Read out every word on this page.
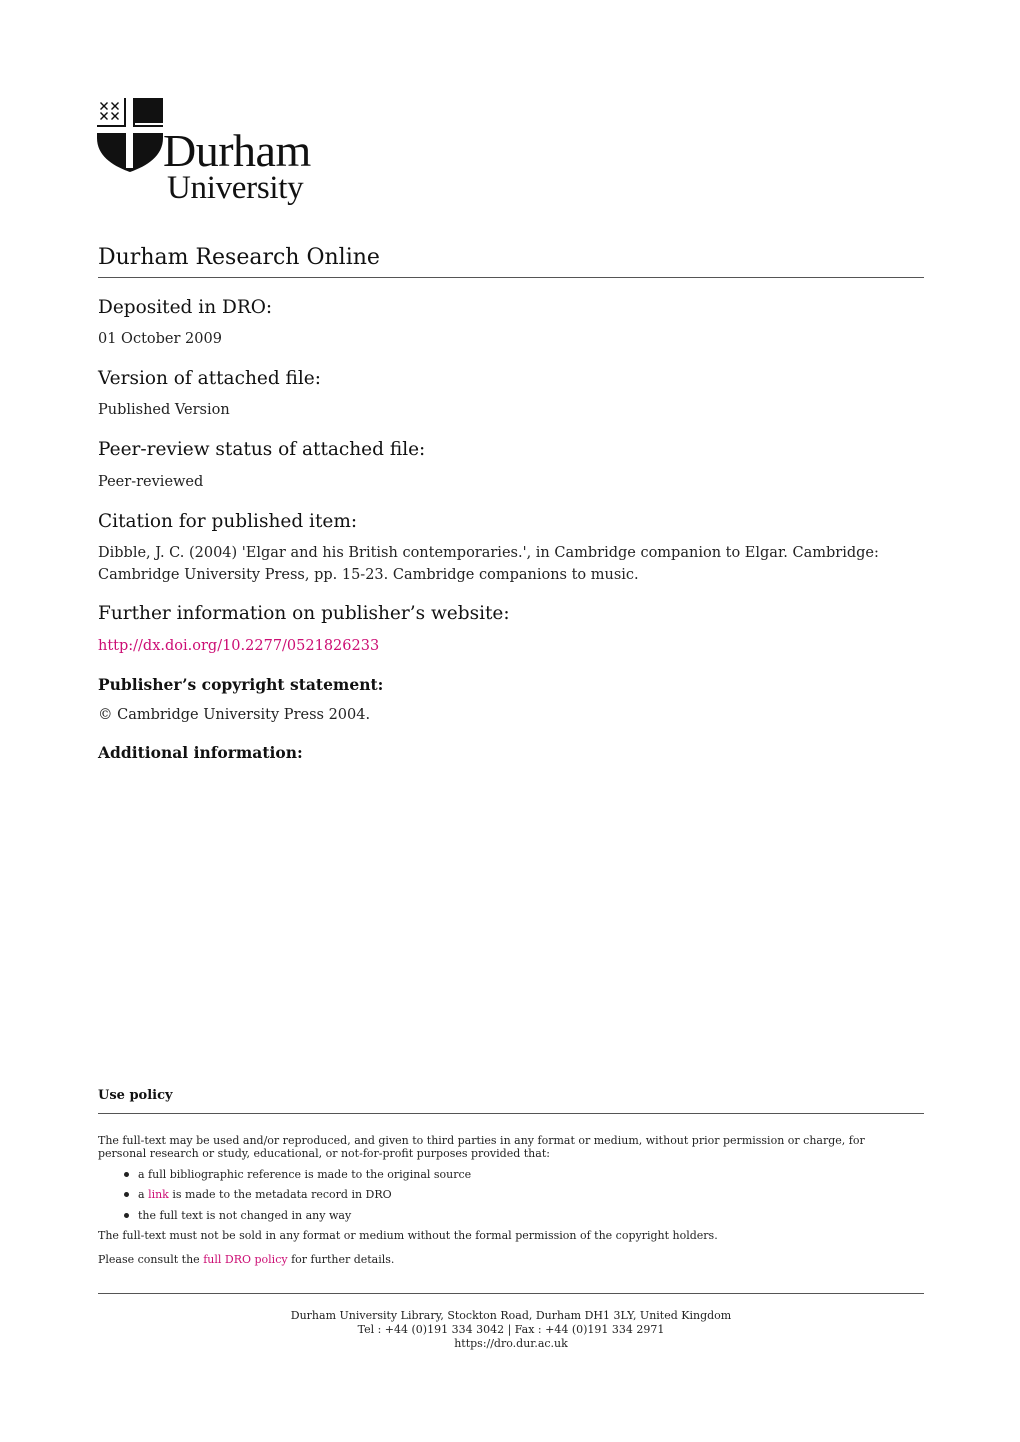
Durham
University
Durham Research Online
Deposited in DRO:
01 October 2009
Version of attached file:
Published Version
Peer-review status of attached file:
Peer-reviewed
Citation for published item:
Dibble, J. C. (2004) 'Elgar and his British contemporaries.', in Cambridge companion to Elgar. Cambridge:
Cambridge University Press, pp. 15-23. Cambridge companions to music.
Further information on publisher’s website:
http://dx.doi.org/10.2277/0521826233
Publisher’s copyright statement:
© Cambridge University Press 2004.
Additional information:
Use policy
The full-text may be used and/or reproduced, and given to third parties in any format or medium, without prior permission or charge, for
personal research or study, educational, or not-for-profit purposes provided that:
a full bibliographic reference is made to the original source
a link is made to the metadata record in DRO
the full text is not changed in any way
The full-text must not be sold in any format or medium without the formal permission of the copyright holders.
Please consult the full DRO policy for further details.
Durham University Library, Stockton Road, Durham DH1 3LY, United Kingdom
Tel : +44 (0)191 334 3042 | Fax : +44 (0)191 334 2971
https://dro.dur.ac.uk
